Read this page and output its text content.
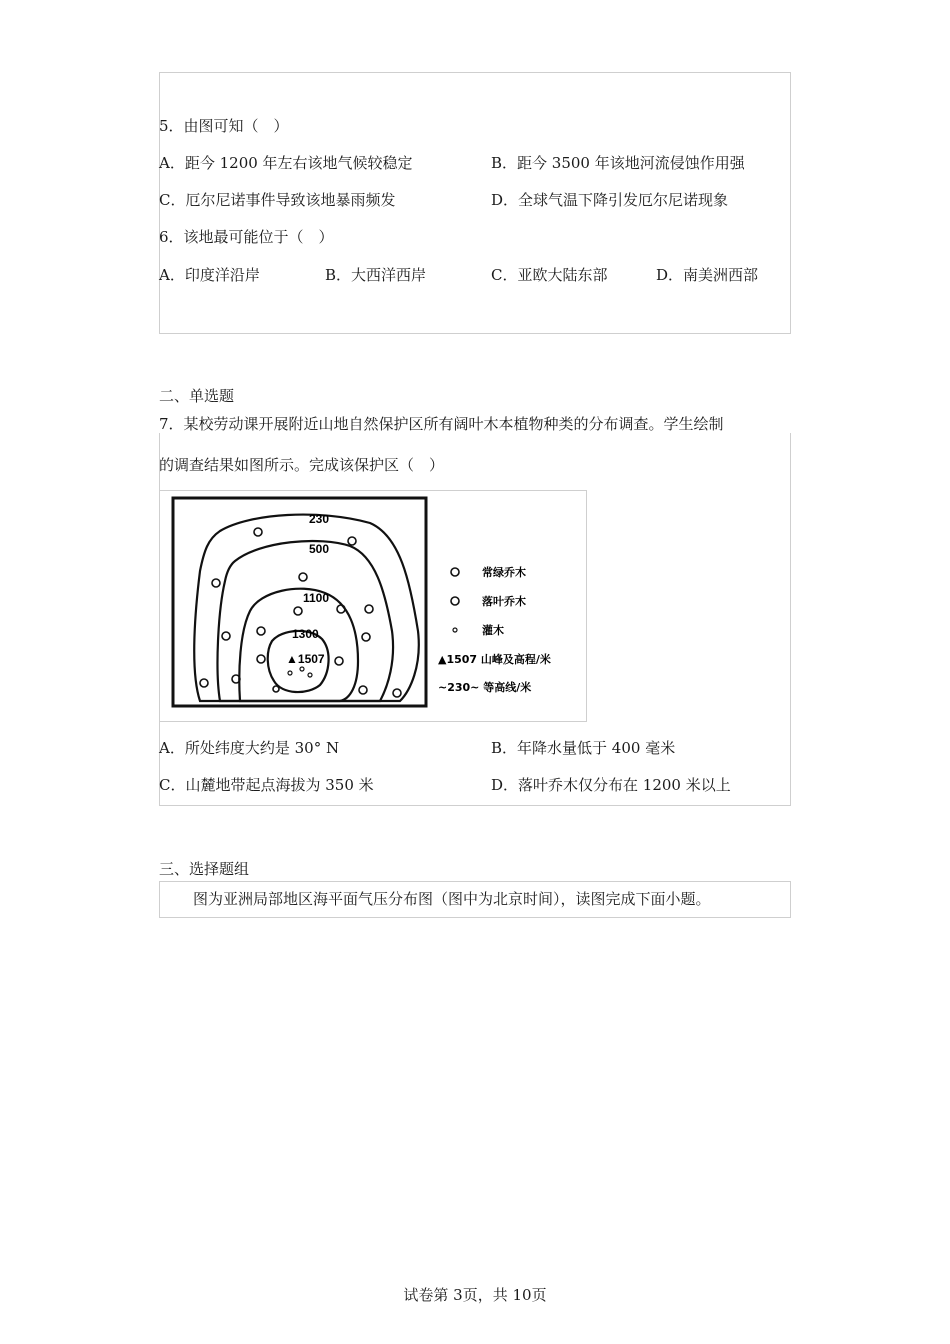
5．由图可知（　）
A．距今 1200 年左右该地气候较稳定	B．距今 3500 年该地河流侵蚀作用强
C．厄尔尼诺事件导致该地暴雨频发	D．全球气温下降引发厄尔尼诺现象
6．该地最可能位于（　）
A．印度洋沿岸	B．大西洋西岸	C．亚欧大陆东部	D．南美洲西部
二、单选题
7．某校劳动课开展附近山地自然保护区所有阔叶木本植物种类的分布调查。学生绘制
的调查结果如图所示。完成该保护区（　）
230
500
1100
1300
▲1507
常绿乔木
落叶乔木
灌木
▲1507 山峰及高程/米
~230~ 等高线/米
A．所处纬度大约是 30° N	B．年降水量低于 400 毫米
C．山麓地带起点海拔为 350 米	D．落叶乔木仅分布在 1200 米以上
三、选择题组
图为亚洲局部地区海平面气压分布图（图中为北京时间），读图完成下面小题。
试卷第 3页，共 10页
